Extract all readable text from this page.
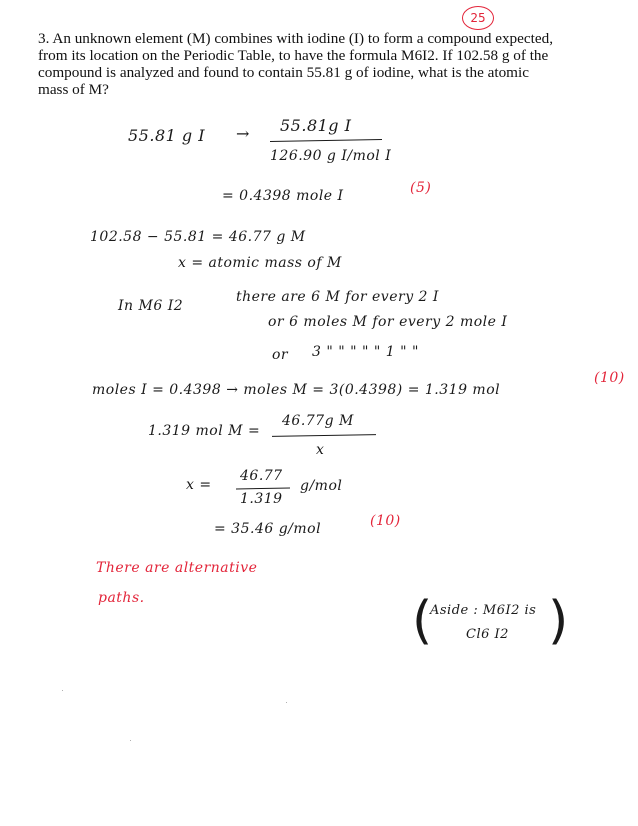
25
3. An unknown element (M) combines with iodine (I) to form a compound expected,
from its location on the Periodic Table, to have the formula M6I2. If 102.58 g of the
compound is analyzed and found to contain 55.81 g of iodine, what is the atomic
mass of M?
55.81 g I → 55.81g I
126.90 g I/mol I
= 0.4398 mole I	(5)
102.58 − 55.81 = 46.77 g M
x = atomic mass of M
In M6 I2
there are 6 M for every 2 I
or 6 moles M for every 2 mole I
or 3 " " " " " 1 " "
moles I = 0.4398 → moles M = 3(0.4398) = 1.319 mol
(10)
1.319 mol M =
46.77g M
x
x =
46.77
1.319
g/mol
= 35.46 g/mol	(10)
There are alternative
paths.	(
Aside : M6I2 is
Cl6 I2 )
